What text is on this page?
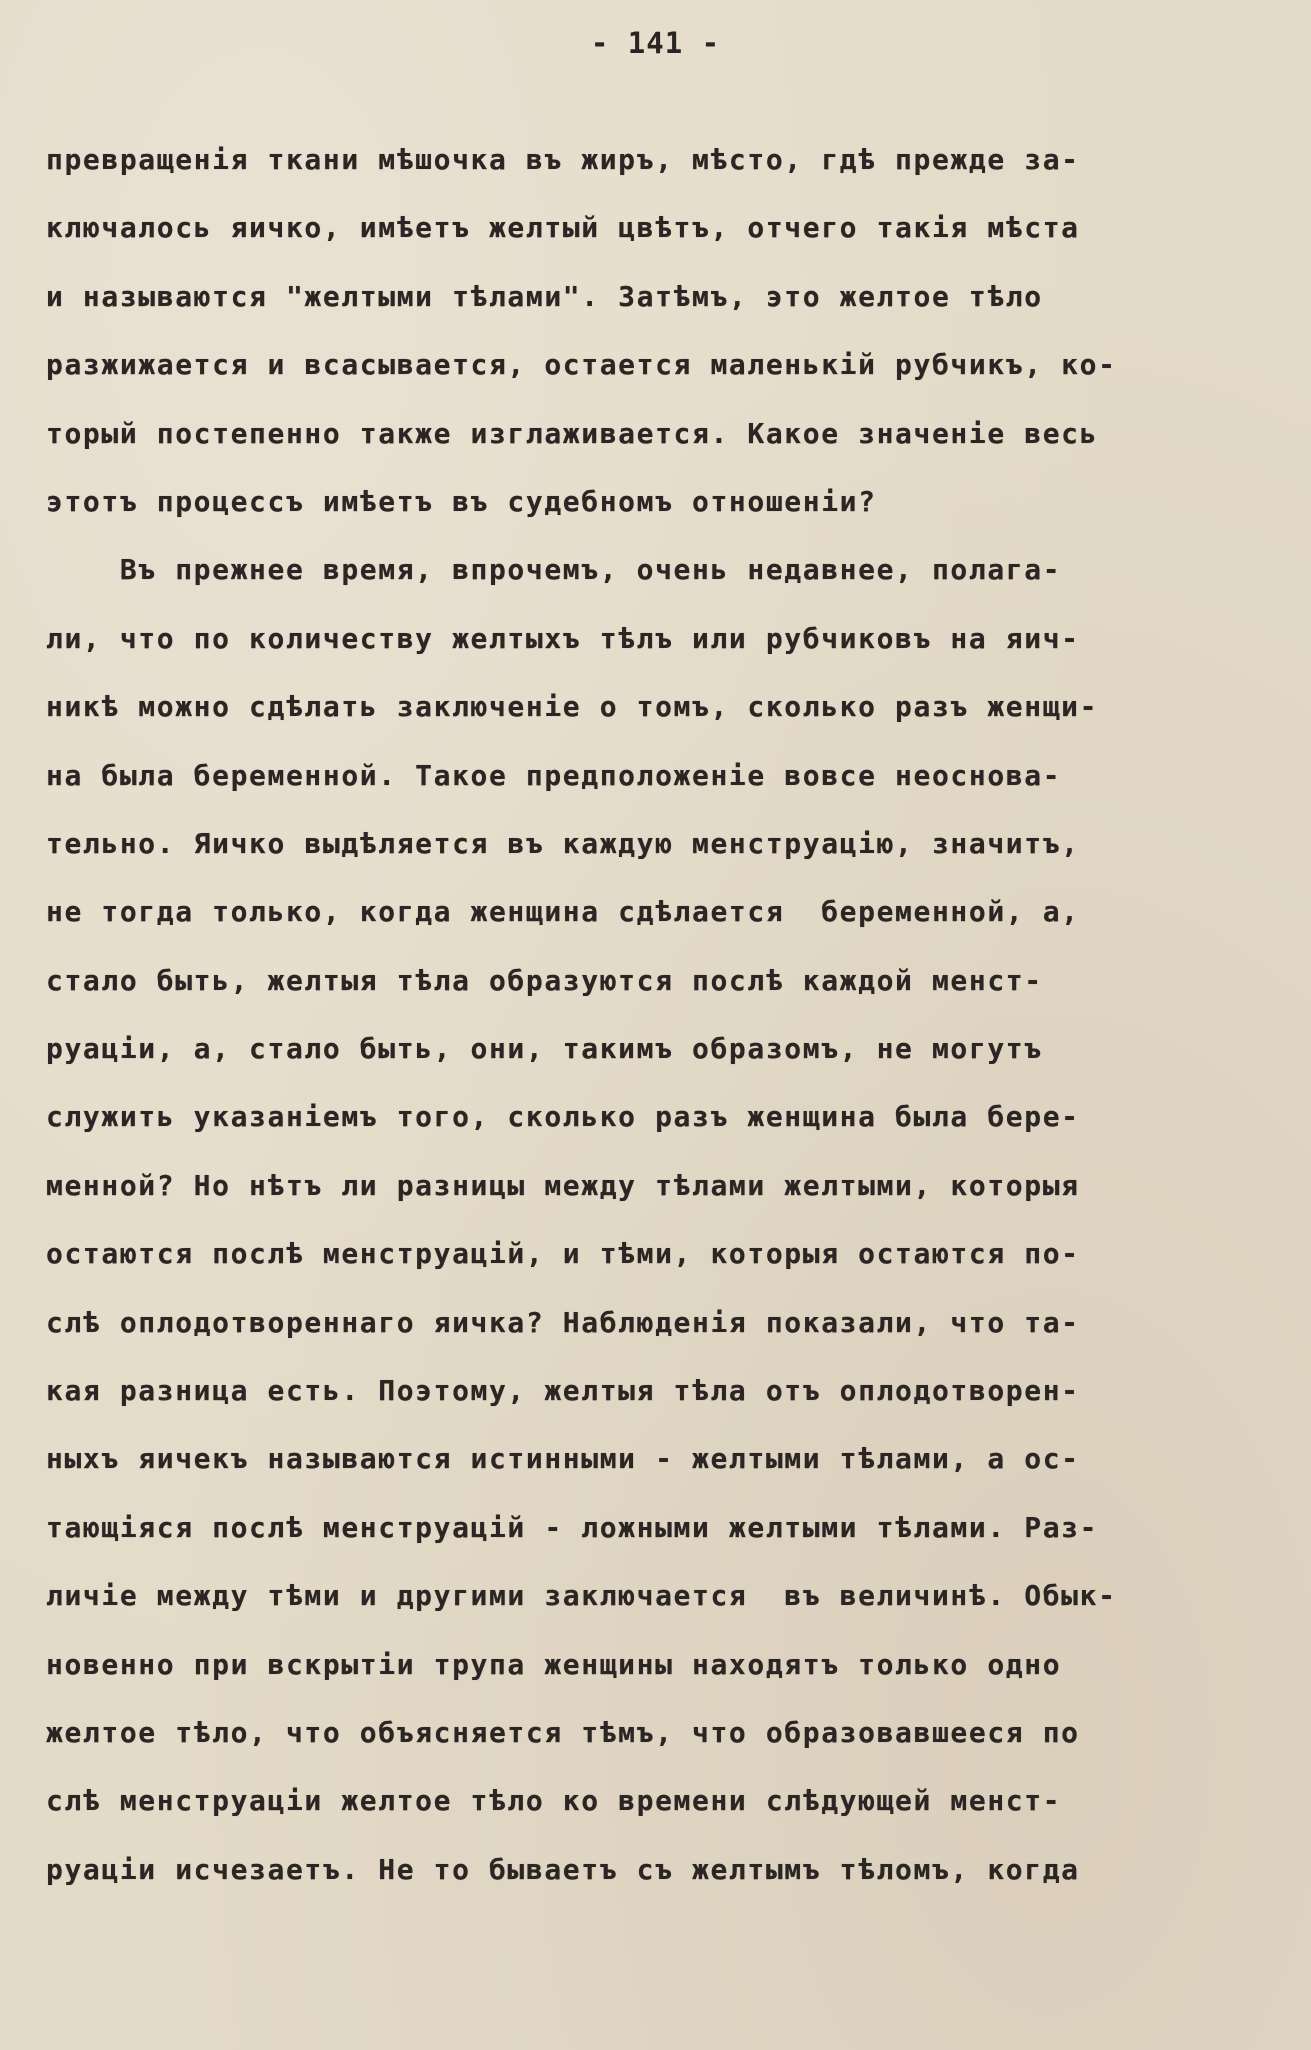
- 141 -
превращенія ткани мѣшочка въ жиръ, мѣсто, гдѣ прежде за-
ключалось яичко, имѣетъ желтый цвѣтъ, отчего такія мѣста
и называются "желтыми тѣлами". Затѣмъ, это желтое тѣло
разжижается и всасывается, остается маленькій рубчикъ, ко-
торый постепенно также изглаживается. Какое значеніе весь
этотъ процессъ имѣетъ въ судебномъ отношеніи?
Въ прежнее время, впрочемъ, очень недавнее, полага-
ли, что по количеству желтыхъ тѣлъ или рубчиковъ на яич-
никѣ можно сдѣлать заключеніе о томъ, сколько разъ женщи-
на была беременной. Такое предположеніе вовсе неоснова-
тельно. Яичко выдѣляется въ каждую менструацію, значитъ,
не тогда только, когда женщина сдѣлается  беременной, а,
стало быть, желтыя тѣла образуются послѣ каждой менст-
руаціи, а, стало быть, они, такимъ образомъ, не могутъ
служить указаніемъ того, сколько разъ женщина была бере-
менной? Но нѣтъ ли разницы между тѣлами желтыми, которыя
остаются послѣ менструацій, и тѣми, которыя остаются по-
слѣ оплодотвореннаго яичка? Наблюденія показали, что та-
кая разница есть. Поэтому, желтыя тѣла отъ оплодотворен-
ныхъ яичекъ называются истинными - желтыми тѣлами, а ос-
тающіяся послѣ менструацій - ложными желтыми тѣлами. Раз-
личіе между тѣми и другими заключается  въ величинѣ. Обык-
новенно при вскрытіи трупа женщины находятъ только одно
желтое тѣло, что объясняется тѣмъ, что образовавшееся по
слѣ менструаціи желтое тѣло ко времени слѣдующей менст-
руаціи исчезаетъ. Не то бываетъ съ желтымъ тѣломъ, когда
